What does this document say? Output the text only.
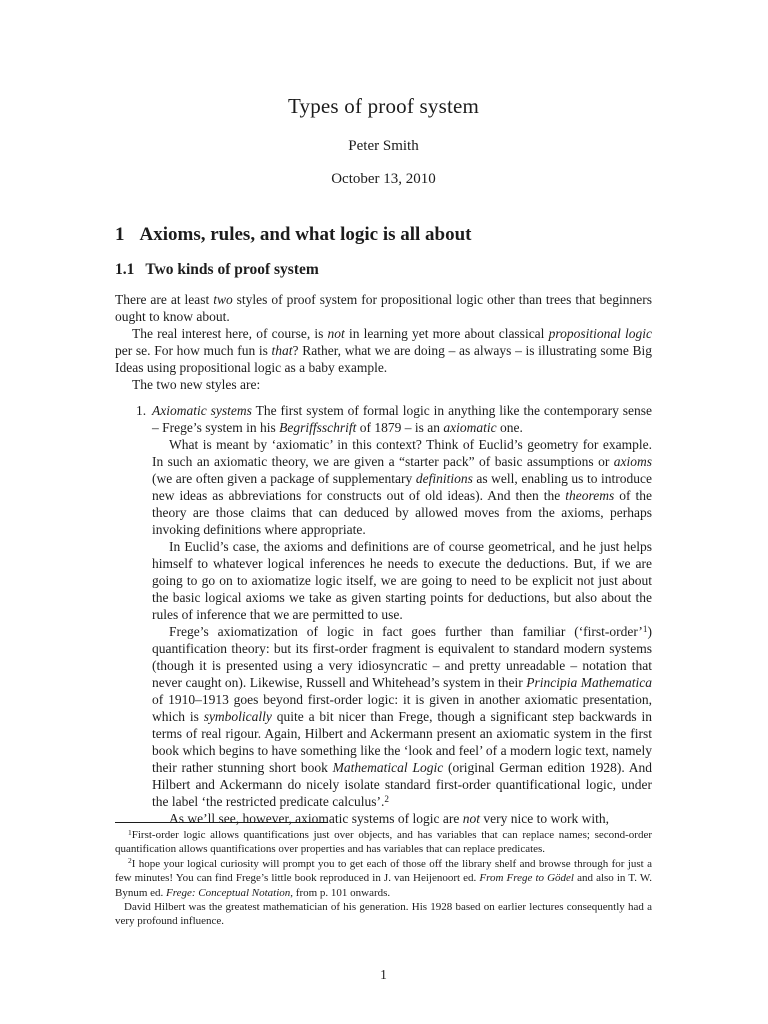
Types of proof system
Peter Smith
October 13, 2010
1 Axioms, rules, and what logic is all about
1.1 Two kinds of proof system

There are at least two styles of proof system for propositional logic other than trees that beginners ought to know about.

The real interest here, of course, is not in learning yet more about classical propositional logic per se. For how much fun is that? Rather, what we are doing – as always – is illustrating some Big Ideas using propositional logic as a baby example.

The two new styles are:

1. Axiomatic systems The first system of formal logic in anything like the contemporary sense – Frege’s system in his Begriffsschrift of 1879 – is an axiomatic one.

What is meant by ‘axiomatic’ in this context? Think of Euclid’s geometry for example. In such an axiomatic theory, we are given a “starter pack” of basic assumptions or axioms (we are often given a package of supplementary definitions as well, enabling us to introduce new ideas as abbreviations for constructs out of old ideas). And then the theorems of the theory are those claims that can deduced by allowed moves from the axioms, perhaps invoking definitions where appropriate.

In Euclid’s case, the axioms and definitions are of course geometrical, and he just helps himself to whatever logical inferences he needs to execute the deductions. But, if we are going to go on to axiomatize logic itself, we are going to need to be explicit not just about the basic logical axioms we take as given starting points for deductions, but also about the rules of inference that we are permitted to use.

Frege’s axiomatization of logic in fact goes further than familiar (‘first-order’$^1$) quantification theory: but its first-order fragment is equivalent to standard modern systems (though it is presented using a very idiosyncratic – and pretty unreadable – notation that never caught on). Likewise, Russell and Whitehead’s system in their Principia Mathematica of 1910–1913 goes beyond first-order logic: it is given in another axiomatic presentation, which is symbolically quite a bit nicer than Frege, though a significant step backwards in terms of real rigour. Again, Hilbert and Ackermann present an axiomatic system in the first book which begins to have something like the ‘look and feel’ of a modern logic text, namely their rather stunning short book Mathematical Logic (original German edition 1928). And Hilbert and Ackermann do nicely isolate standard first-order quantificational logic, under the label ‘the restricted predicate calculus’.$^2$

As we’ll see, however, axiomatic systems of logic are not very nice to work with,

$^1$First-order logic allows quantifications just over objects, and has variables that can replace names; second-order quantification allows quantifications over properties and has variables that can replace predicates.

$^2$I hope your logical curiosity will prompt you to get each of those off the library shelf and browse through for just a few minutes! You can find Frege’s little book reproduced in J. van Heijenoort ed. From Frege to Gödel and also in T. W. Bynum ed. Frege: Conceptual Notation, from p. 101 onwards.

David Hilbert was the greatest mathematician of his generation. His 1928 based on earlier lectures consequently had a very profound influence.

1
